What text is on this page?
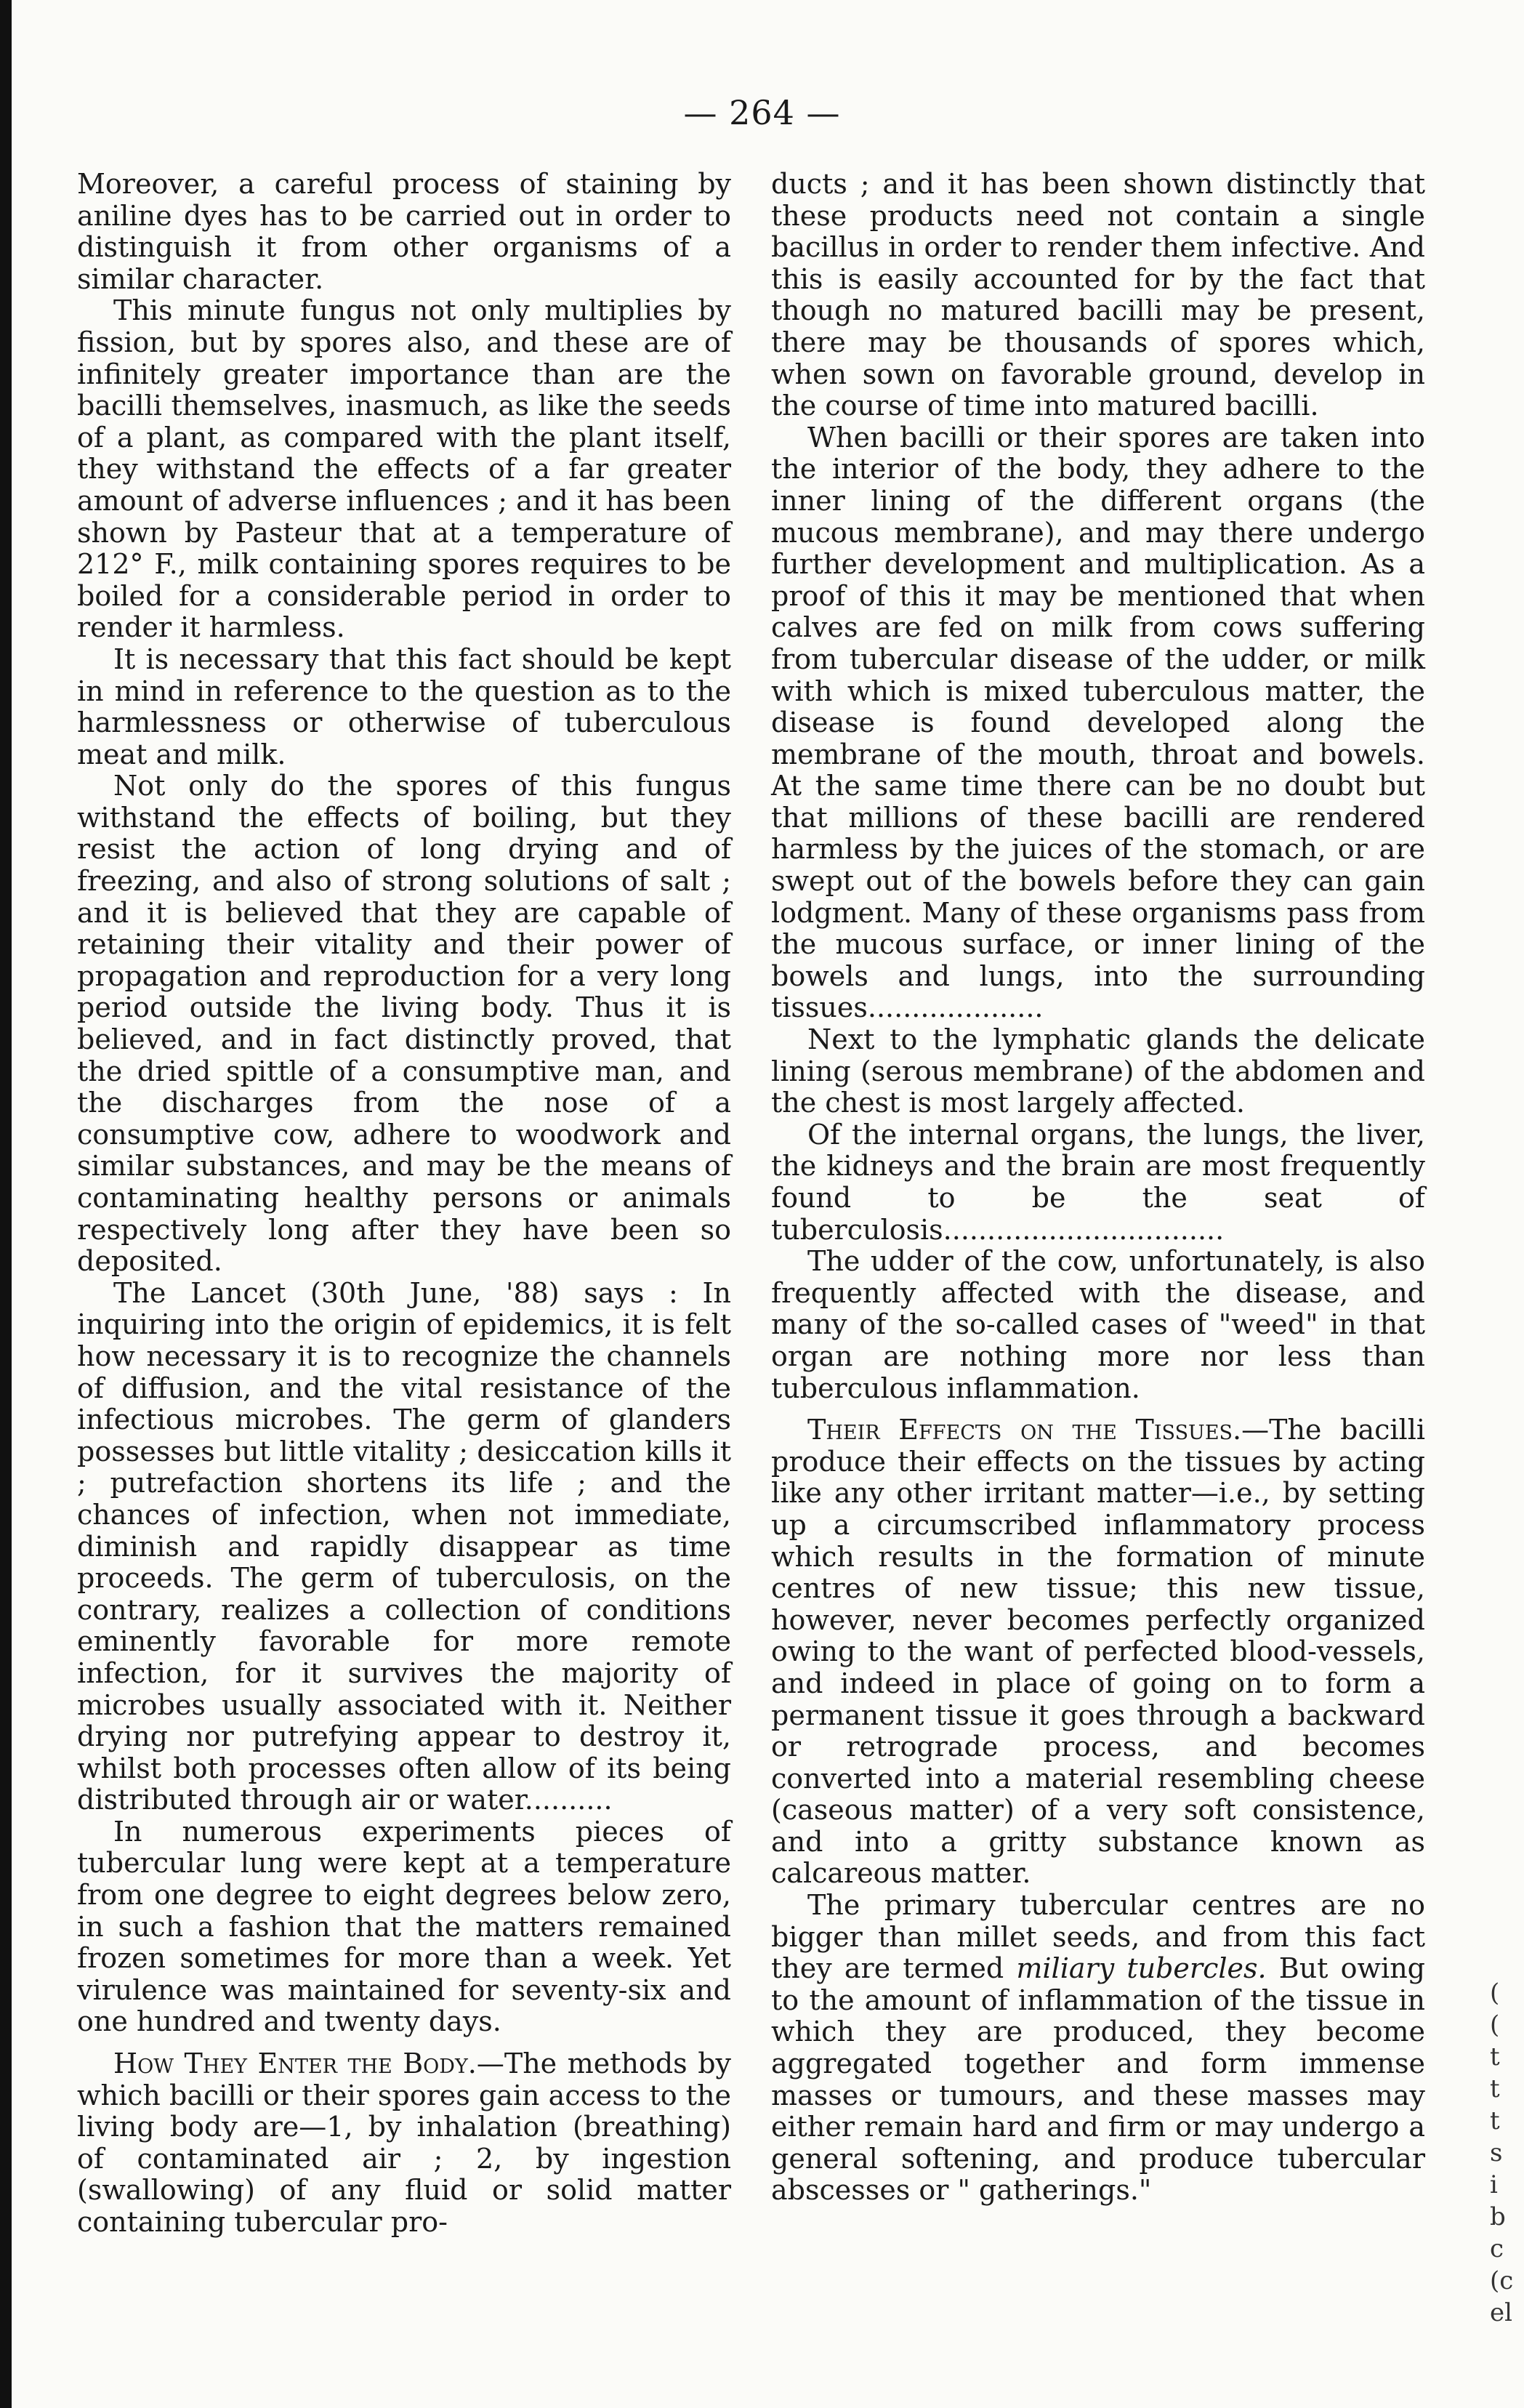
— 264 —

Moreover, a careful process of staining by aniline dyes has to be carried out in order to distinguish it from other organisms of a similar character.

This minute fungus not only multiplies by fission, but by spores also, and these are of infinitely greater importance than are the bacilli themselves, inasmuch, as like the seeds of a plant, as compared with the plant itself, they withstand the effects of a far greater amount of adverse influences ; and it has been shown by Pasteur that at a temperature of 212° F., milk containing spores requires to be boiled for a considerable period in order to render it harmless.

It is necessary that this fact should be kept in mind in reference to the question as to the harmlessness or otherwise of tuberculous meat and milk.

Not only do the spores of this fungus withstand the effects of boiling, but they resist the action of long drying and of freezing, and also of strong solutions of salt ; and it is believed that they are capable of retaining their vitality and their power of propagation and reproduction for a very long period outside the living body. Thus it is believed, and in fact distinctly proved, that the dried spittle of a consumptive man, and the discharges from the nose of a consumptive cow, adhere to woodwork and similar substances, and may be the means of contaminating healthy persons or animals respectively long after they have been so deposited.

The Lancet (30th June, '88) says : In inquiring into the origin of epidemics, it is felt how necessary it is to recognize the channels of diffusion, and the vital resistance of the infectious microbes. The germ of glanders possesses but little vitality ; desiccation kills it ; putrefaction shortens its life ; and the chances of infection, when not immediate, diminish and rapidly disappear as time proceeds. The germ of tuberculosis, on the contrary, realizes a collection of conditions eminently favorable for more remote infection, for it survives the majority of microbes usually associated with it. Neither drying nor putrefying appear to destroy it, whilst both processes often allow of its being distributed through air or water..........

In numerous experiments pieces of tubercular lung were kept at a temperature from one degree to eight degrees below zero, in such a fashion that the matters remained frozen sometimes for more than a week. Yet virulence was maintained for seventy-six and one hundred and twenty days.

How They Enter the Body.—The methods by which bacilli or their spores gain access to the living body are—1, by inhalation (breathing) of contaminated air ; 2, by ingestion (swallowing) of any fluid or solid matter containing tubercular pro-

ducts ; and it has been shown distinctly that these products need not contain a single bacillus in order to render them infective. And this is easily accounted for by the fact that though no matured bacilli may be present, there may be thousands of spores which, when sown on favorable ground, develop in the course of time into matured bacilli.

When bacilli or their spores are taken into the interior of the body, they adhere to the inner lining of the different organs (the mucous membrane), and may there undergo further development and multiplication. As a proof of this it may be mentioned that when calves are fed on milk from cows suffering from tubercular disease of the udder, or milk with which is mixed tuberculous matter, the disease is found developed along the membrane of the mouth, throat and bowels. At the same time there can be no doubt but that millions of these bacilli are rendered harmless by the juices of the stomach, or are swept out of the bowels before they can gain lodgment. Many of these organisms pass from the mucous surface, or inner lining of the bowels and lungs, into the surrounding tissues....................

Next to the lymphatic glands the delicate lining (serous membrane) of the abdomen and the chest is most largely affected.

Of the internal organs, the lungs, the liver, the kidneys and the brain are most frequently found to be the seat of tuberculosis................................

The udder of the cow, unfortunately, is also frequently affected with the disease, and many of the so-called cases of "weed" in that organ are nothing more nor less than tuberculous inflammation.

Their Effects on the Tissues.—The bacilli produce their effects on the tissues by acting like any other irritant matter—i.e., by setting up a circumscribed inflammatory process which results in the formation of minute centres of new tissue; this new tissue, however, never becomes perfectly organized owing to the want of perfected blood-vessels, and indeed in place of going on to form a permanent tissue it goes through a backward or retrograde process, and becomes converted into a material resembling cheese (caseous matter) of a very soft consistence, and into a gritty substance known as calcareous matter.

The primary tubercular centres are no bigger than millet seeds, and from this fact they are termed miliary tubercles. But owing to the amount of inflammation of the tissue in which they are produced, they become aggregated together and form immense masses or tumours, and these masses may either remain hard and firm or may undergo a general softening, and produce tubercular abscesses or " gatherings."

(
(
t
t
t
s
i
b
c
(c
el
